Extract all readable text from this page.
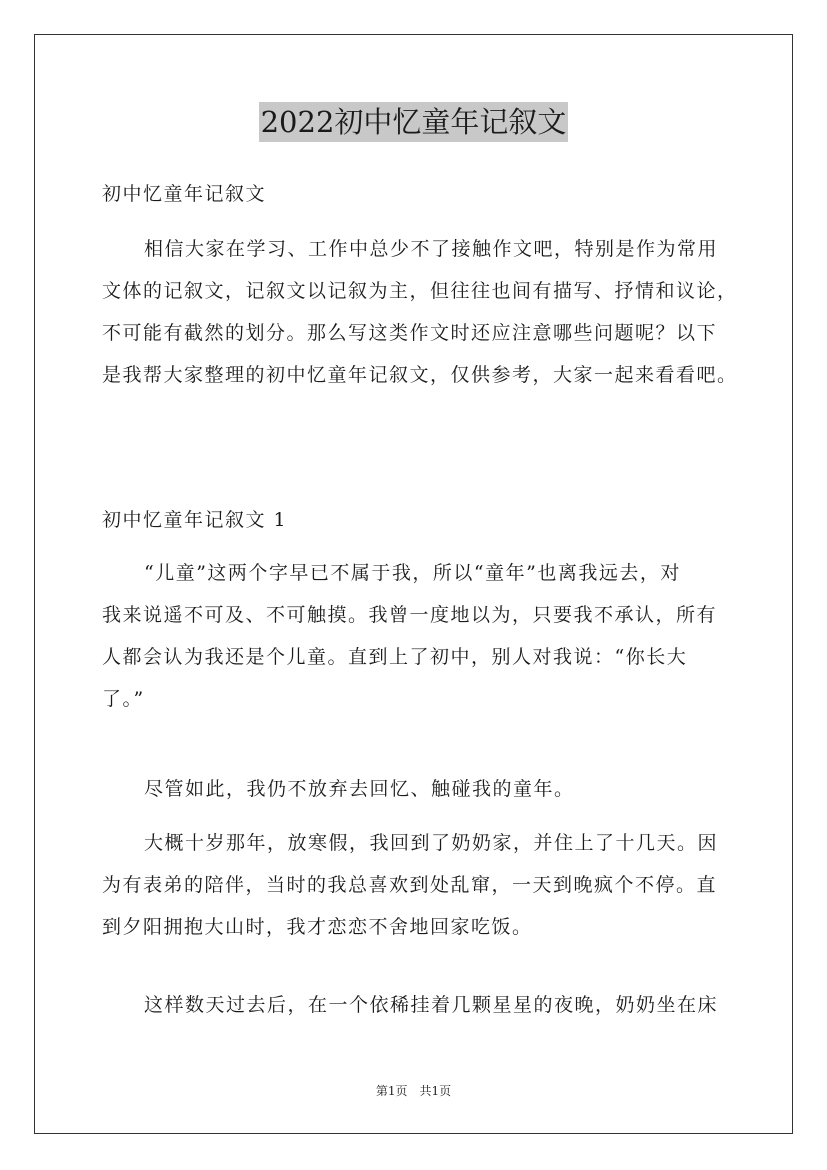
2022初中忆童年记叙文
初中忆童年记叙文
相信大家在学习、工作中总少不了接触作文吧，特别是作为常用
文体的记叙文，记叙文以记叙为主，但往往也间有描写、抒情和议论，
不可能有截然的划分。那么写这类作文时还应注意哪些问题呢？以下
是我帮大家整理的初中忆童年记叙文，仅供参考，大家一起来看看吧。
初中忆童年记叙文 1
“儿童”这两个字早已不属于我，所以“童年”也离我远去，对
我来说遥不可及、不可触摸。我曾一度地以为，只要我不承认，所有
人都会认为我还是个儿童。直到上了初中，别人对我说：“你长大
了。”
尽管如此，我仍不放弃去回忆、触碰我的童年。
大概十岁那年，放寒假，我回到了奶奶家，并住上了十几天。因
为有表弟的陪伴，当时的我总喜欢到处乱窜，一天到晚疯个不停。直
到夕阳拥抱大山时，我才恋恋不舍地回家吃饭。
这样数天过去后，在一个依稀挂着几颗星星的夜晚，奶奶坐在床
第1页 共1页
